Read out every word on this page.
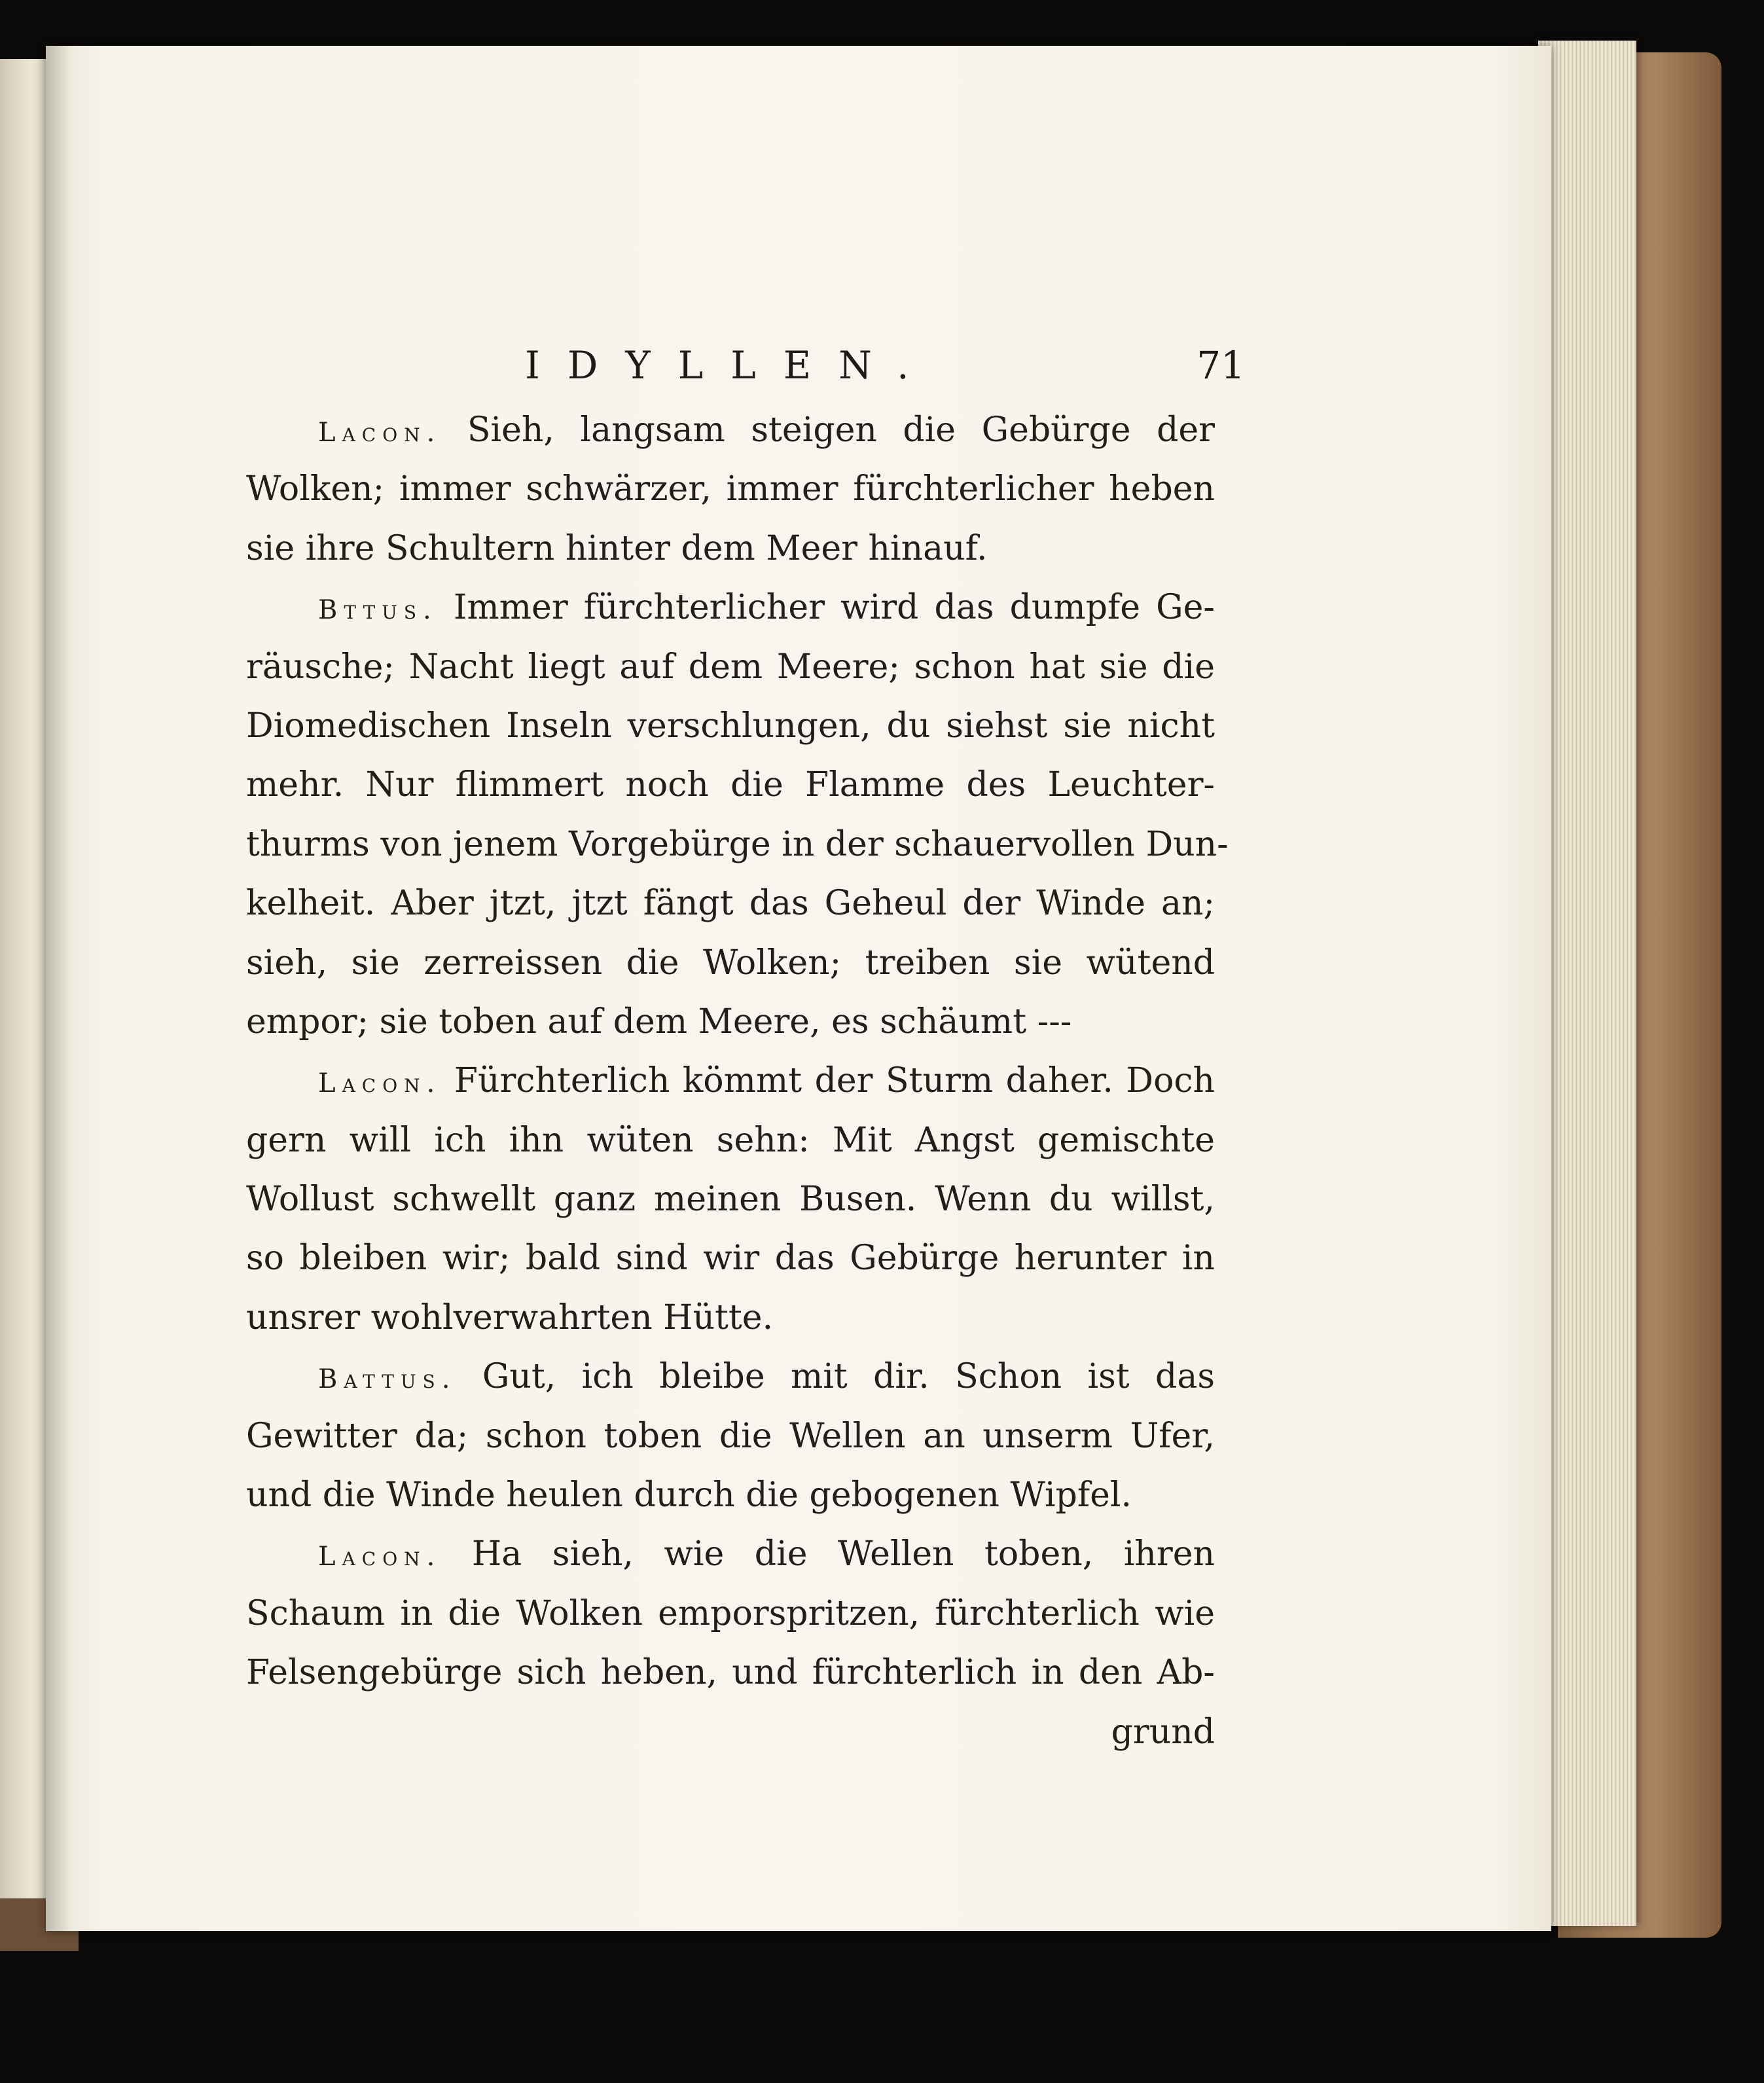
IDYLLEN.	71
Lacon. Sieh, langsam steigen die Gebürge der
Wolken; immer schwärzer, immer fürchterlicher heben
sie ihre Schultern hinter dem Meer hinauf.
Bttus. Immer fürchterlicher wird das dumpfe Ge-
räusche; Nacht liegt auf dem Meere; schon hat sie die
Diomedischen Inseln verschlungen, du siehst sie nicht
mehr. Nur flimmert noch die Flamme des Leuchter-
thurms von jenem Vorgebürge in der schauervollen Dun-
kelheit. Aber jtzt, jtzt fängt das Geheul der Winde an;
sieh, sie zerreissen die Wolken; treiben sie wütend
empor; sie toben auf dem Meere, es schäumt ---
Lacon. Fürchterlich kömmt der Sturm daher. Doch
gern will ich ihn wüten sehn: Mit Angst gemischte
Wollust schwellt ganz meinen Busen. Wenn du willst,
so bleiben wir; bald sind wir das Gebürge herunter in
unsrer wohlverwahrten Hütte.
Battus. Gut, ich bleibe mit dir. Schon ist das
Gewitter da; schon toben die Wellen an unserm Ufer,
und die Winde heulen durch die gebogenen Wipfel.
Lacon. Ha sieh, wie die Wellen toben, ihren
Schaum in die Wolken emporspritzen, fürchterlich wie
Felsengebürge sich heben, und fürchterlich in den Ab-
grund
